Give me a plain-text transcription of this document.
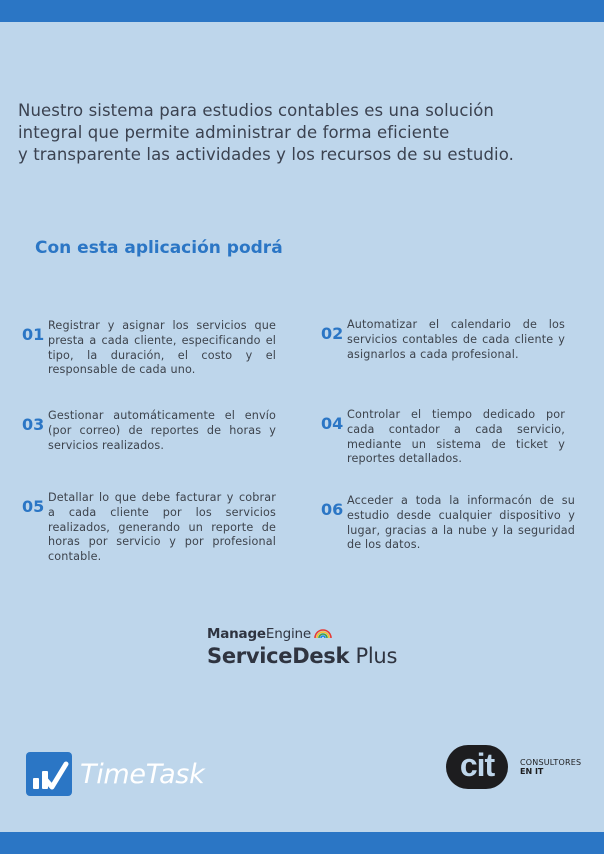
Nuestro sistema para estudios contables es una solución
integral que permite administrar de forma eficiente
y transparente las actividades y los recursos de su estudio.
Con esta aplicación podrá
01 Registrar y asignar los servicios que presta a cada cliente, especificando el tipo, la duración, el costo y el responsable de cada uno.
02 Automatizar el calendario de los servicios contables de cada cliente y asignarlos a cada profesional.
03 Gestionar automáticamente el envío (por correo) de reportes de horas y servicios realizados.
04 Controlar el tiempo dedicado por cada contador a cada servicio, mediante un sistema de ticket y reportes detallados.
05 Detallar lo que debe facturar y cobrar a cada cliente por los servicios realizados, generando un reporte de horas por servicio y por profesional contable.
06 Acceder a toda la informacón de su estudio desde cualquier dispositivo y lugar, gracias a la nube y la seguridad de los datos.
Manage Engine
ServiceDesk Plus
TimeTask	cit	CONSULTORES
EN IT
